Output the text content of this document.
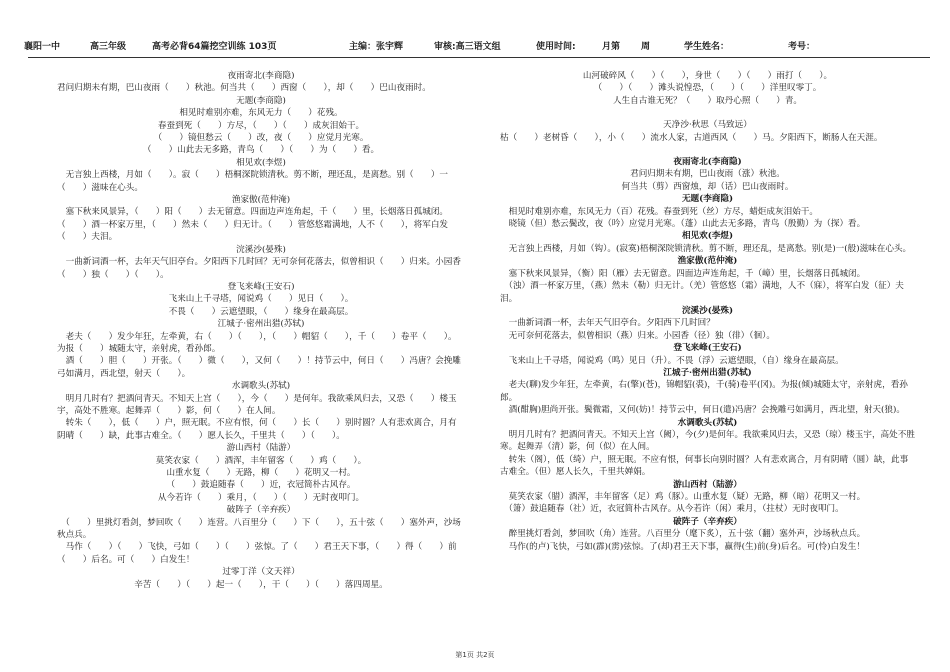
襄阳一中	高三年级	高考必背64篇挖空训练 103页	主编：张宇辉	审核:高三语文组	使用时间:	月第 周	学生姓名：	考号：
夜雨寄北(李商隐)
君问归期未有期，巴山夜雨（　　）秋池。何当共（　　）西窗（　　），却（　　）巴山夜雨时。
无题(李商隐)
相见时难别亦难，东风无力（　　）花残。
春蚕到死（　　）方尽，（　　）（　　）成灰泪始干。
（　　）镜但愁云（　　）改，夜（　　）应觉月光寒。
（　　）山此去无多路，青鸟（　　）（　　）为（　　）看。
相见欢(李煜)
　无言独上西楼，月如（　　）。寂（　　）梧桐深院锁清秋。剪不断，理还乱，是离愁。别（　　）一（　　）滋味在心头。
渔家傲(范仲淹)
　塞下秋来风景异，（　　）阳（　　）去无留意。四面边声连角起，千（　　）里，长烟落日孤城闭。
（　　）酒一杯家万里，（　　）然未（　　）归无计。（　　）管悠悠霜满地，人不（　　），将军白发（　　）夫泪。
浣溪沙(晏殊)
　一曲新词酒一杯，去年天气旧亭台。夕阳西下几时回？无可奈何花落去，似曾相识（　　）归来。小园香（　　）独（　　）（　　）。
登飞来峰(王安石)
飞来山上千寻塔，闻说鸡（　　）见日（　　）。
不畏（　　）云遮望眼，（　　）缘身在最高层。
江城子·密州出猎(苏轼)
　老夫（　　）发少年狂，左牵黄，右（　　）（　　），（　　）帽貂（　　），千（　　）卷平（　　）。为报（　　）城随太守，亲射虎，看孙郎。
　酒（　　）胆（　　）开张。（　　）微（　　），又何（　　）！持节云中，何日（　　）冯唐？会挽雕弓如满月，西北望，射天（　　）。
水调歌头(苏轼)
　明月几时有？把酒问青天。不知天上宫（　　），今（　　）是何年。我欲乘风归去，又恐（　　）楼玉宇，高处不胜寒。起舞弄（　　）影，何（　　）在人间。
　转朱（　　），低（　　）户，照无眠。不应有恨，何（　　）长（　　）别时圆？人有悲欢离合，月有阴晴（　　）缺，此事古难全。（　　）愿人长久，千里共（　　）（　　）。
游山西村（陆游）
莫笑农家（　　）酒浑，丰年留客（　　）鸡（　　）。
山重水复（　　）无路，柳（　　）花明又一村。
（　　）鼓追随春（　　）近，衣冠简朴古风存。
从今若许（　　）乘月，（　　）（　　）无时夜叩门。
破阵子（辛弃疾）
　（　　）里挑灯看剑，梦回吹（　　）连营。八百里分（　　）下（　　），五十弦（　　）塞外声，沙场秋点兵。
　马作（　　）（　　）飞快，弓如（　　）（　　）弦惊。了（　　）君王天下事，（　　）得（　　）前（　　）后名。可（　　）白发生！
过零丁洋（文天祥）
辛苦（　　）（　　）起一（　　），干（　　）（　　）落四周星。
山河破碎风（　　）（　　），身世（　　）（　　）雨打（　　）。
（　　）（　　）滩头说惶恐，（　　）（　　）洋里叹零丁。
人生自古谁无死？（　　）取丹心照（　　）青。
天净沙·秋思（马致远）
枯（　　）老树昏（　　），小（　　）流水人家，古道西风（　　）马。夕阳西下，断肠人在天涯。
夜雨寄北(李商隐)
君问归期未有期，巴山夜雨（涨）秋池。
何当共（剪）西窗烛，却（话）巴山夜雨时。
无题(李商隐)
　相见时难别亦难，东风无力（百）花残。春蚕到死（丝）方尽，蜡炬成灰泪始干。
　晓镜（但）愁云鬓改，夜（吟）应觉月光寒。（蓬）山此去无多路，青鸟（殷勤）为（探）看。
相见欢(李煜)
　无言独上西楼，月如（钩）。(寂寞)梧桐深院锁清秋。剪不断，理还乱，是离愁。别(是)一(般)滋味在心头。
渔家傲(范仲淹)
　塞下秋来风景异，（衡）阳（雁）去无留意。四面边声连角起，千（嶂）里，长烟落日孤城闭。
　（浊）酒一杯家万里，（燕）然未（勒）归无计。（羌）管悠悠（霜）满地，人不（寐），将军白发（征）夫泪。
浣溪沙(晏殊)
　一曲新词酒一杯，去年天气旧亭台。夕阳西下几时回？
　无可奈何花落去，似曾相识（燕）归来。小园香（径）独（徘）（徊）。
登飞来峰(王安石)
　飞来山上千寻塔，闻说鸡（鸣）见日（升）。不畏（浮）云遮望眼，（自）缘身在最高层。
江城子·密州出猎(苏轼)
　老夫(聊)发少年狂，左牵黄，右(擎)(苍)，锦帽貂(裘)，千(骑)卷平(冈)。为报(倾)城随太守，亲射虎，看孙郎。
　酒(酣胸)胆尚开张。鬓微霜，又何(妨)！持节云中，何日(遣)冯唐？会挽雕弓如满月，西北望，射天(狼)。
水调歌头(苏轼)
　明月几时有？把酒问青天。不知天上宫（阙），今(夕)是何年。我欲乘风归去，又恐（琼）楼玉宇，高处不胜寒。起舞弄（清）影，何（似）在人间。
　转朱（阁），低（绮）户，照无眠。不应有恨，何事长向别时圆？人有悲欢离合，月有阴晴（圆）缺，此事古难全。（但）愿人长久，千里共婵娟。
游山西村（陆游）
　莫笑农家（腊）酒浑，丰年留客（足）鸡（豚）。山重水复（疑）无路，柳（暗）花明又一村。
　（箫）鼓追随春（社）近，衣冠简朴古风存。从今若许（闲）乘月，（拄杖）无时夜叩门。
破阵子（辛弃疾）
　醉里挑灯看剑，梦回吹（角）连营。八百里分（麾下炙），五十弦（翻）塞外声，沙场秋点兵。
　马作(的卢)飞快，弓如(霹)(雳)弦惊。了(却)君王天下事，赢得(生)前(身)后名。可(怜)白发生！
第1页 共2页
